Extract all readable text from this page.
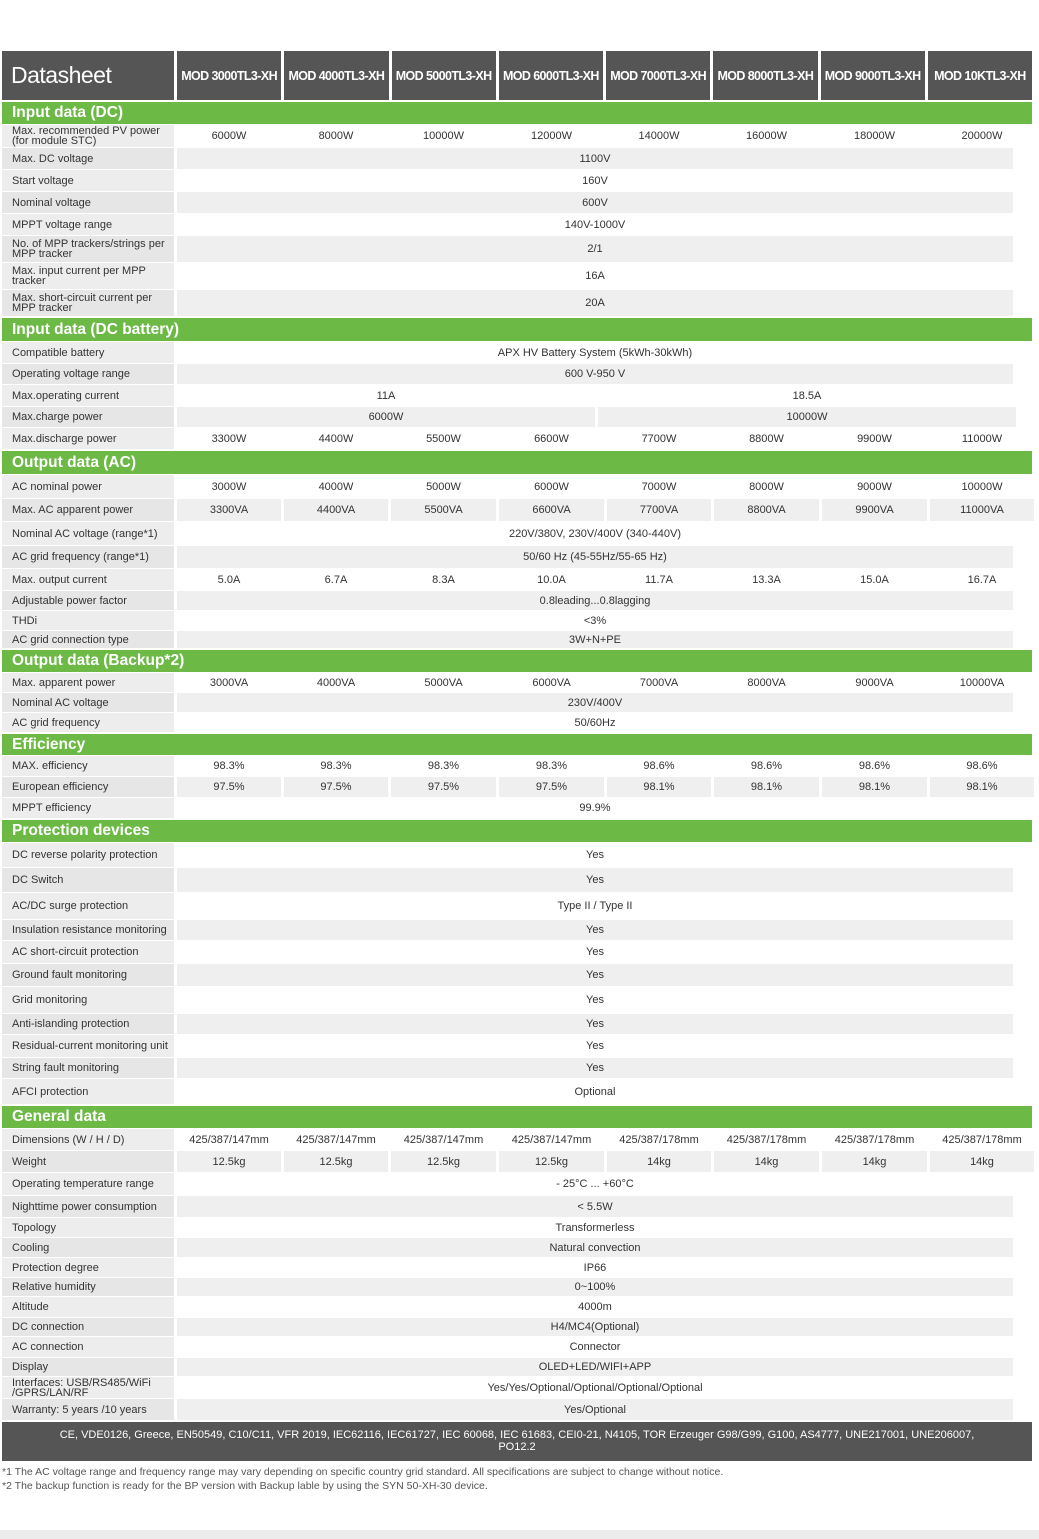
Datasheet	MOD 3000TL3-XH MOD 4000TL3-XH MOD 5000TL3-XH MOD 6000TL3-XH MOD 7000TL3-XH MOD 8000TL3-XH MOD 9000TL3-XH	MOD 10KTL3-XH
Input data (DC)
Max. recommended PV power (for module STC)	6000W	8000W	10000W	12000W	14000W	16000W	18000W	20000W
Max. DC voltage	1100V
Start voltage	160V
Nominal voltage	600V
MPPT voltage range	140V-1000V
No. of MPP trackers/strings per MPP tracker	2/1
Max. input current per MPP tracker	16A
Max. short-circuit current per MPP tracker	20A
Input data (DC battery)
Compatible battery	APX HV Battery System (5kWh-30kWh)
Operating voltage range	600 V-950 V
Max.operating current	11A	18.5A
Max.charge power	6000W	10000W
Max.discharge power	3300W	4400W	5500W	6600W	7700W	8800W	9900W	11000W
Output data (AC)
AC nominal power	3000W	4000W	5000W	6000W	7000W	8000W	9000W	10000W
Max. AC apparent power	3300VA	4400VA	5500VA	6600VA	7700VA	8800VA	9900VA	11000VA
Nominal AC voltage (range*1)	220V/380V, 230V/400V (340-440V)
AC grid frequency (range*1)	50/60 Hz (45-55Hz/55-65 Hz)
Max. output current	5.0A	6.7A	8.3A	10.0A	11.7A	13.3A	15.0A	16.7A
Adjustable power factor	0.8leading...0.8lagging
THDi	<3%
AC grid connection type	3W+N+PE
Output data (Backup*2)
Max. apparent power	3000VA	4000VA	5000VA	6000VA	7000VA	8000VA	9000VA	10000VA
Nominal AC voltage	230V/400V
AC grid frequency	50/60Hz
Efficiency
MAX. efficiency	98.3%	98.3%	98.3%	98.3%	98.6%	98.6%	98.6%	98.6%
European efficiency	97.5%	97.5%	97.5%	97.5%	98.1%	98.1%	98.1%	98.1%
MPPT efficiency	99.9%
Protection devices
DC reverse polarity protection	Yes
DC Switch	Yes
AC/DC surge protection	Type II / Type II
Insulation resistance monitoring	Yes
AC short-circuit protection	Yes
Ground fault monitoring	Yes
Grid monitoring	Yes
Anti-islanding protection	Yes
Residual-current monitoring unit	Yes
String fault monitoring	Yes
AFCI protection	Optional
General data
Dimensions (W / H / D)	425/387/147mm	425/387/147mm	425/387/147mm	425/387/147mm	425/387/178mm	425/387/178mm	425/387/178mm	425/387/178mm
Weight	12.5kg	12.5kg	12.5kg	12.5kg	14kg	14kg	14kg	14kg
Operating temperature range	- 25°C ... +60°C
Nighttime power consumption	< 5.5W
Topology	Transformerless
Cooling	Natural convection
Protection degree	IP66
Relative humidity	0~100%
Altitude	4000m
DC connection	H4/MC4(Optional)
AC connection	Connector
Display	OLED+LED/WIFI+APP
Interfaces: USB/RS485/WiFi /GPRS/LAN/RF	Yes/Yes/Optional/Optional/Optional/Optional
Warranty: 5 years /10 years	Yes/Optional
CE, VDE0126, Greece, EN50549, C10/C11, VFR 2019, IEC62116, IEC61727, IEC 60068, IEC 61683, CEI0-21, N4105, TOR Erzeuger G98/G99, G100, AS4777, UNE217001, UNE206007, PO12.2
*1 The AC voltage range and frequency range may vary depending on specific country grid standard. All specifications are subject to change without notice.
*2 The backup function is ready for the BP version with Backup lable by using the SYN 50-XH-30 device.
